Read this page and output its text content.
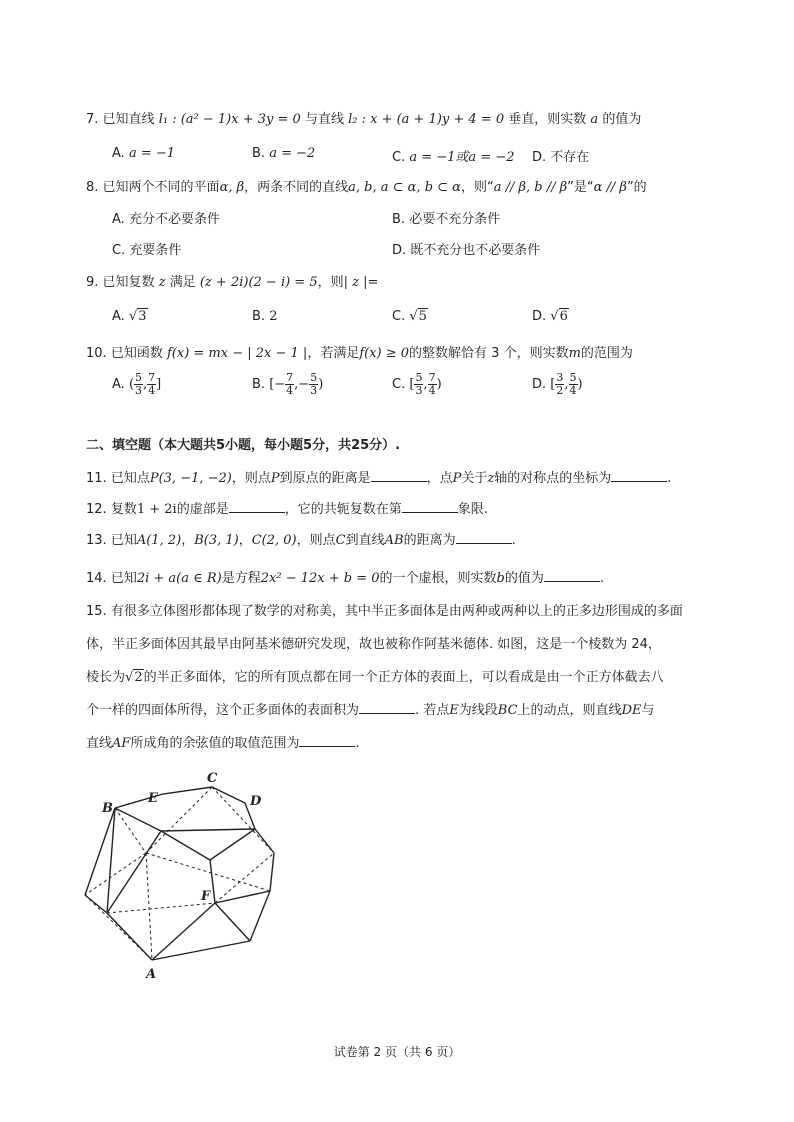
7. 已知直线 l₁ : (a² − 1)x + 3y = 0 与直线 l₂ : x + (a + 1)y + 4 = 0 垂直，则实数 a 的值为
A. a = −1	B. a = −2	C. a = −1或a = −2 D. 不存在
8. 已知两个不同的平面α, β，两条不同的直线a, b, a ⊂ α, b ⊂ α，则“a // β, b // β”是“α // β”的
A. 充分不必要条件	B. 必要不充分条件
C. 充要条件	D. 既不充分也不必要条件
9. 已知复数 z 满足 (z + 2i)(2 − i) = 5，则| z |=
A. √3	B. 2	C. √5	D. √6
10. 已知函数 f(x) = mx − | 2x − 1 |，若满足f(x) ≥ 0的整数解恰有 3 个，则实数m的范围为
A. ( $\frac{5}{3}$ , $\frac{7}{4}$ ]	B. [− $\frac{7}{4}$ ,− $\frac{5}{3}$ )	C. [ $\frac{5}{3}$ , $\frac{7}{4}$ )	D. [ $\frac{3}{2}$ , $\frac{5}{4}$ )
二、填空题（本大题共5小题，每小题5分，共25分）.
11. 已知点P(3, −1, −2)，则点P到原点的距离是	，点P关于z轴的对称点的坐标为	.
12. 复数1 + 2i的虚部是	，它的共轭复数在第	象限.
13. 已知A(1, 2)，B(3, 1)，C(2, 0)，则点C到直线AB的距离为	.
14. 已知2i + a(a ∈ R)是方程2x² − 12x + b = 0的一个虚根，则实数b的值为	.
15. 有很多立体图形都体现了数学的对称美，其中半正多面体是由两种或两种以上的正多边形围成的多面
体，半正多面体因其最早由阿基米德研究发现，故也被称作阿基米德体. 如图，这是一个棱数为 24，
棱长为√2的半正多面体，它的所有顶点都在同一个正方体的表面上，可以看成是由一个正方体截去八
个一样的四面体所得，这个正多面体的表面积为	. 若点E为线段BC上的动点，则直线DE与
直线AF所成角的余弦值的取值范围为	.
B
E
C
D
F
A
试卷第 2 页（共 6 页）
